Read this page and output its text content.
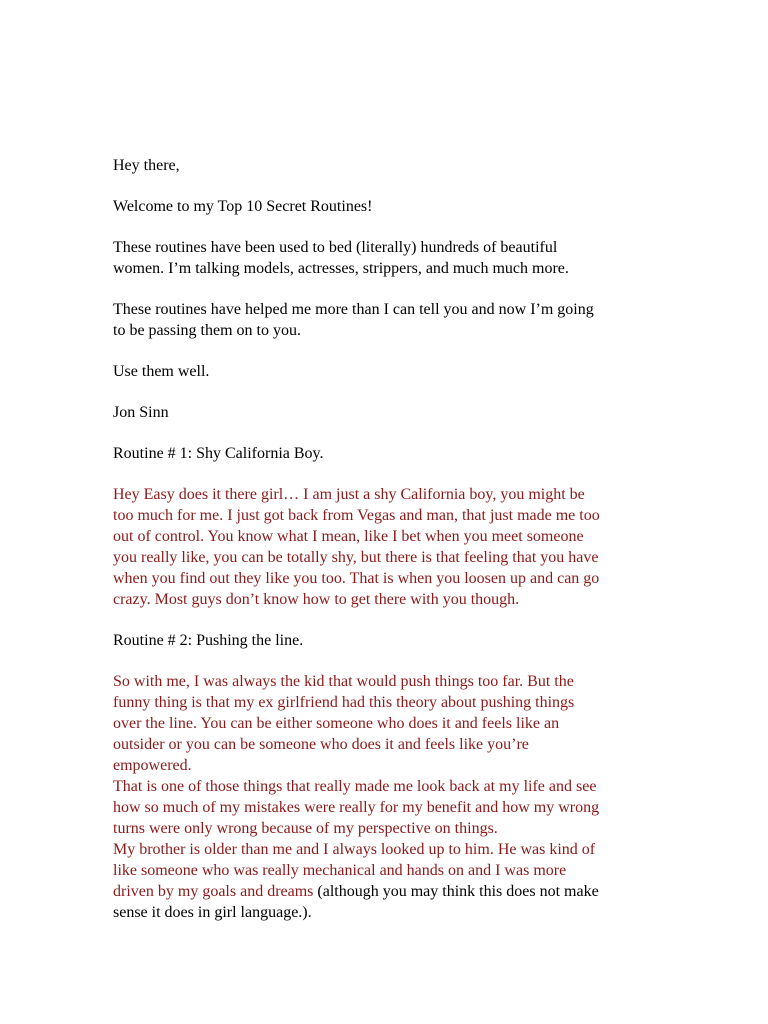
Hey there,

Welcome to my Top 10 Secret Routines!

These routines have been used to bed (literally) hundreds of beautiful
women. I’m talking models, actresses, strippers, and much much more.

These routines have helped me more than I can tell you and now I’m going
to be passing them on to you.

Use them well.

Jon Sinn

Routine # 1: Shy California Boy.

Hey Easy does it there girl… I am just a shy California boy, you might be
too much for me. I just got back from Vegas and man, that just made me too
out of control. You know what I mean, like I bet when you meet someone
you really like, you can be totally shy, but there is that feeling that you have
when you find out they like you too. That is when you loosen up and can go
crazy. Most guys don’t know how to get there with you though.

Routine # 2: Pushing the line.

So with me, I was always the kid that would push things too far. But the
funny thing is that my ex girlfriend had this theory about pushing things
over the line. You can be either someone who does it and feels like an
outsider or you can be someone who does it and feels like you’re
empowered.

That is one of those things that really made me look back at my life and see
how so much of my mistakes were really for my benefit and how my wrong
turns were only wrong because of my perspective on things.

My brother is older than me and I always looked up to him. He was kind of
like someone who was really mechanical and hands on and I was more
driven by my goals and dreams (although you may think this does not make
sense it does in girl language.).
